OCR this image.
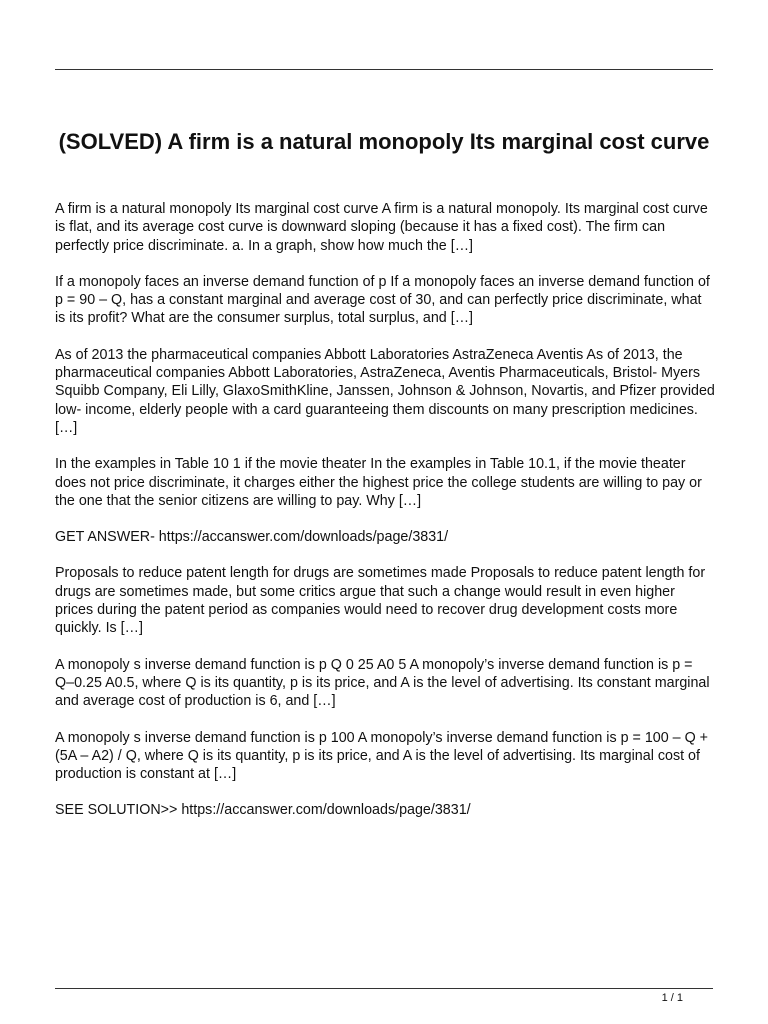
(SOLVED) A firm is a natural monopoly Its marginal cost curve

A firm is a natural monopoly Its marginal cost curve A firm is a natural monopoly. Its marginal cost curve is flat, and its average cost curve is downward sloping (because it has a fixed cost). The firm can perfectly price discriminate. a. In a graph, show how much the […]

If a monopoly faces an inverse demand function of p If a monopoly faces an inverse demand function of p = 90 – Q, has a constant marginal and average cost of 30, and can perfectly price discriminate, what is its profit? What are the consumer surplus, total surplus, and […]

As of 2013 the pharmaceutical companies Abbott Laboratories AstraZeneca Aventis As of 2013, the pharmaceutical companies Abbott Laboratories, AstraZeneca, Aventis Pharmaceuticals, Bristol- Myers Squibb Company, Eli Lilly, GlaxoSmithKline, Janssen, Johnson & Johnson, Novartis, and Pfizer provided low- income, elderly people with a card guaranteeing them discounts on many prescription medicines. […]

In the examples in Table 10 1 if the movie theater In the examples in Table 10.1, if the movie theater does not price discriminate, it charges either the highest price the college students are willing to pay or the one that the senior citizens are willing to pay. Why […]

GET ANSWER- https://accanswer.com/downloads/page/3831/

Proposals to reduce patent length for drugs are sometimes made Proposals to reduce patent length for drugs are sometimes made, but some critics argue that such a change would result in even higher prices during the patent period as companies would need to recover drug development costs more quickly. Is […]

A monopoly s inverse demand function is p Q 0 25 A0 5 A monopoly’s inverse demand function is p = Q–0.25 A0.5, where Q is its quantity, p is its price, and A is the level of advertising. Its constant marginal and average cost of production is 6, and […]

A monopoly s inverse demand function is p 100 A monopoly’s inverse demand function is p = 100 – Q + (5A – A2) / Q, where Q is its quantity, p is its price, and A is the level of advertising. Its marginal cost of production is constant at […]

SEE SOLUTION>> https://accanswer.com/downloads/page/3831/

1 / 1
